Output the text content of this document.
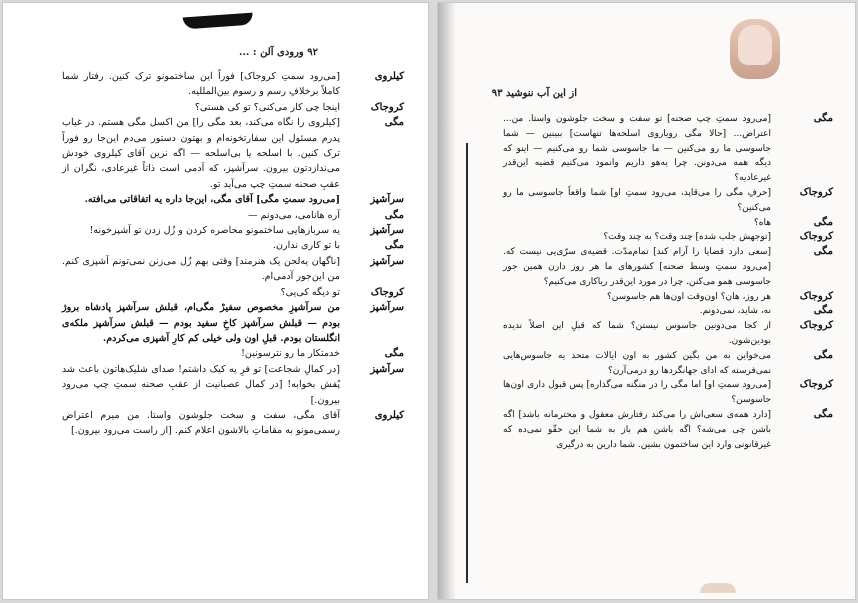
۹۲ ورودی آلن : ...
کیلروی
[می‌رود سمتِ کروجاک] فوراً این ساختمونو ترک کنین. رفتار شما کاملاً برخلافِ رسم و رسوم بین‌المللیه.
کروجاک
اینجا چی کار می‌کنی؟ تو کی هستی؟
مگی
[کیلروی را نگاه می‌کند، بعد مگی را] من اکسل مگی هستم. در غیاب پدرم مسئول این سفارتخونه‌ام و بهتون دستور می‌دم این‌جا رو فوراً ترک کنین. با اسلحه یا بی‌اسلحه — اگه نرین آقای کیلروی خودش می‌ندازدتون بیرون. سرآشپز، که آدمی است ذاتاً غیرعادی، نگران از عقبِ صحنه سمتِ چپ می‌آید تو.
سرآشپز
[می‌رود سمتِ مگی] آقای مگی، این‌جا داره یه اتفاقاتی می‌افته.
مگی
آره هانامی، می‌دونم —
سرآشپز
یه سربازهایی ساختمونو محاصره کردن و زُل زدن تو آشپزخونه!
مگی
با تو کاری ندارن.
سرآشپز
[ناگهان یه‌لحن یک هنرمند] وقتی بهم زُل می‌زنن نمی‌تونم آشپزی کنم. من این‌جور آدمی‌ام.
کروجاک
تو دیگه کی‌یی؟
سرآشپز
من سرآشپزِ مخصوص سفیرْ مگی‌ام، قبلش سرآشپز پادشاه بروژ بودم — قبلش سرآشپز کاخِ سفید بودم — قبلش سرآشپز ملکه‌ی انگلستان بودم. قبلِ اون ولی خیلی کم کارِ آشپزی می‌کردم.
مگی
خدمتکار ما رو نترسونین!
سرآشپز
[در کمالِ شجاعت] تو فرِ یه کیک داشتم! صدای شلیک‌هاتون باعث شد پُفش بخوابه! [در کمال عصبانیت از عقبِ صحنه سمتِ چپ می‌رود بیرون.]
کیلروی
آقای مگی، سفت و سخت جلوشون واستا. من میرم اعتراض رسمی‌مونو به مقاماتِ بالاشون اعلام کنم. [از راست می‌رود بیرون.]
از این آب ننوشید ۹۳
مگی
[می‌رود سمتِ چپ صحنه] تو سفت و سخت جلوشون واستا. من... اعتراض... [حالا مگی رویاروی اسلحه‌ها تنهاست] ببینین — شما جاسوسی ما رو می‌کنین — ما جاسوسی شما رو می‌کنیم — اینو که دیگه همه می‌دونن. چرا یه‌هو داریم وانمود می‌کنیم قضیه این‌قدر غیرعادیه؟
کروجاک
[حرفِ مگی را می‌قاپد، می‌رود سمتِ او] شما واقعاً جاسوسی ما رو می‌کنین؟
مگی
هاه؟
کروجاک
[توجهش جلب شده] چند وقت؟ به چند وقت؟
مگی
[سعی دارد قضایا را آرام کند] تمام‌مدّت. قضیه‌ی سرّی‌یی نیست که. [می‌رود سمتِ وسط صحنه] کشورهای ما هر روز دارن همین جور جاسوسی همو می‌کنن. چرا در مورد این‌قدر ریاکاری می‌کنیم؟
کروجاک
هر روز، هان؟ اون‌وقت اون‌ها هم جاسوسن؟
مگی
نه، شاید، نمی‌دونم.
کروجاک
از کجا می‌دونین جاسوس نیستن؟ شما که قبلِ این اصلاً ندیده بودین‌شون.
مگی
می‌خواین به من بگین کشور به اون ایالات متحد یه جاسوس‌هایی نمی‌فرسته که ادای جهانگردها رو درمی‌آرن؟
کروجاک
[می‌رود سمتِ او] اما مگی را در منگنه می‌گذاره] پس قبول داری اون‌ها جاسوسن؟
مگی
[دارد همه‌ی سعی‌اش را می‌کند رفتارش معقول و محترمانه باشد] اگه باشن چی می‌شه؟ اگه باشن هم باز به شما این حقّو نمی‌ده که غیرقانونی وارد این ساختمون بشین. شما دارین به درگیری
